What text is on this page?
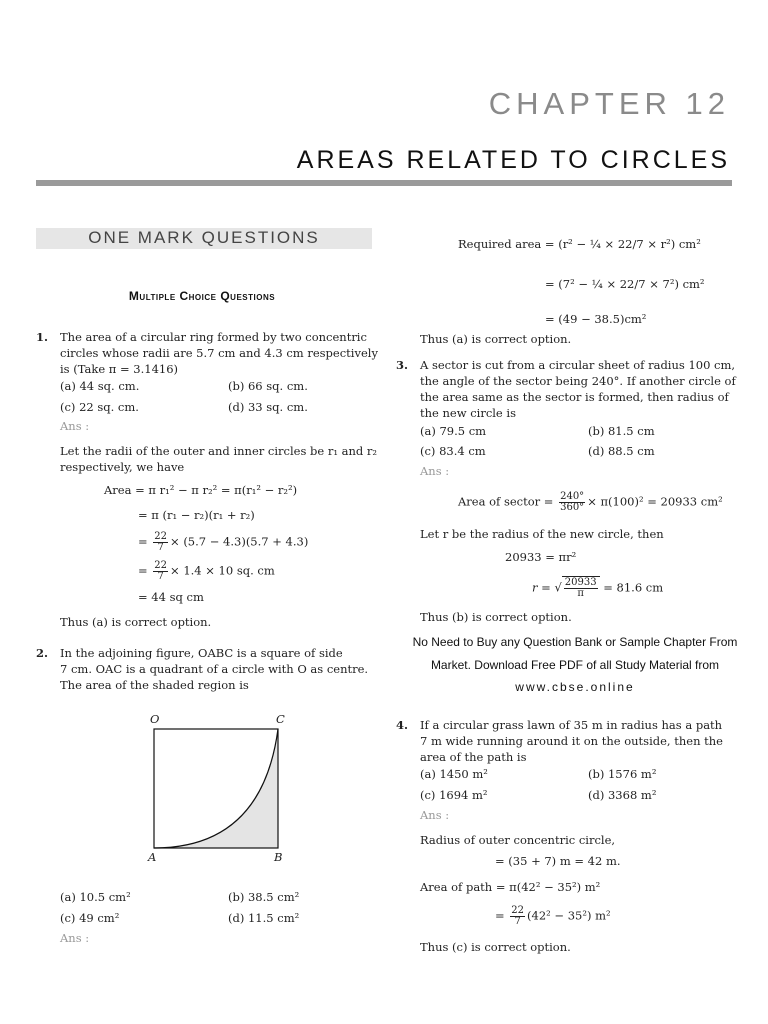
CHAPTER 12
AREAS RELATED TO CIRCLES
ONE MARK QUESTIONS
Multiple Choice Questions
1. The area of a circular ring formed by two concentric
circles whose radii are 5.7 cm and 4.3 cm respectively
is (Take π = 3.1416)
(a) 44 sq. cm.	(b) 66 sq. cm.
(c) 22 sq. cm.	(d) 33 sq. cm.
Ans :
Let the radii of the outer and inner circles be r₁ and r₂
respectively, we have
Area = π r₁² − π r₂² = π(r₁² − r₂²)
= π (r₁ − r₂)(r₁ + r₂)
= $\frac{22}{7} \times (5.7 - 4.3)(5.7 + 4.3)$
= $\frac{22}{7} \times 1.4 \times 10$ sq. cm
= 44 sq cm
Thus (a) is correct option.
2. In the adjoining figure, OABC is a square of side
7 cm. OAC is a quadrant of a circle with O as centre.
The area of the shaded region is
O	C
A	B
(a) 10.5 cm²	(b) 38.5 cm²
(c) 49 cm²	(d) 11.5 cm²
Ans :
Required area = (r² − ¼ × 22/7 × r²) cm²
= (7² − ¼ × 22/7 × 7²) cm²
= (49 − 38.5)cm²
Thus (a) is correct option.
3. A sector is cut from a circular sheet of radius 100 cm,
the angle of the sector being 240°. If another circle of
the area same as the sector is formed, then radius of
the new circle is
(a) 79.5 cm	(b) 81.5 cm
(c) 83.4 cm	(d) 88.5 cm
Ans :
Area of sector = $\frac{240^\circ}{360^\circ} \times \pi(100)^2 = 20933$ cm²
Let r be the radius of the new circle, then
20933 = πr²
r = √ $\frac{20933}{\pi} = 81.6$ cm
Thus (b) is correct option.
No Need to Buy any Question Bank or Sample Chapter From
Market. Download Free PDF of all Study Material from
www.cbse.online
4. If a circular grass lawn of 35 m in radius has a path
7 m wide running around it on the outside, then the
area of the path is
(a) 1450 m²	(b) 1576 m²
(c) 1694 m²	(d) 3368 m²
Ans :
Radius of outer concentric circle,
= (35 + 7) m = 42 m.
Area of path = π(42² − 35²) m²
= $\frac{22}{7} (42^2 - 35^2)$ m²
Thus (c) is correct option.
